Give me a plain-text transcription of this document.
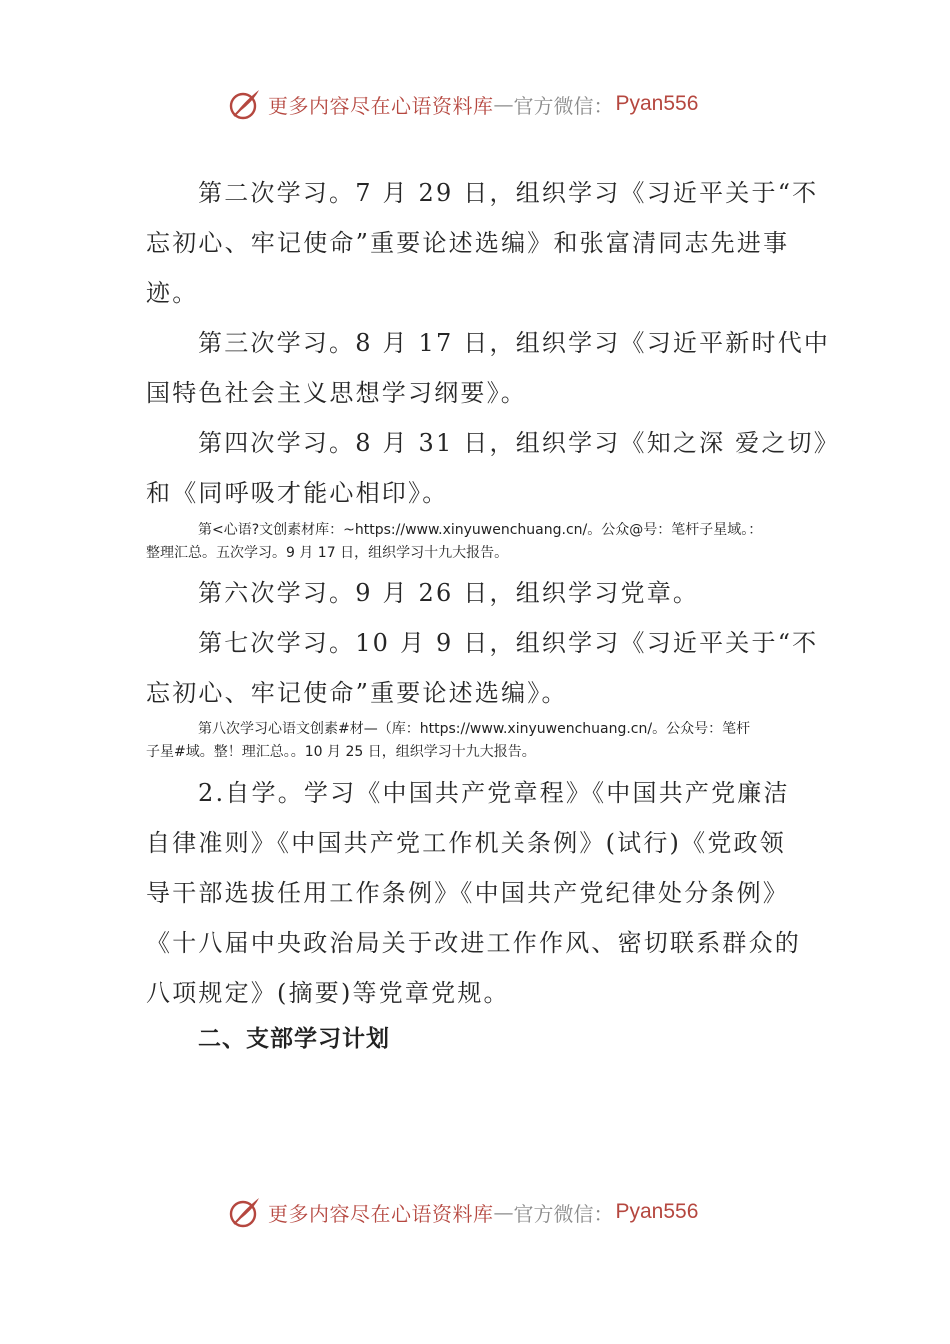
更多内容尽在心语资料库 — 官方微信： Pyan556
第二次学习。7 月 29 日，组织学习《习近平关于“不
忘初心、牢记使命”重要论述选编》和张富清同志先进事
迹。
第三次学习。8 月 17 日，组织学习《习近平新时代中
国特色社会主义思想学习纲要》。
第四次学习。8 月 31 日，组织学习《知之深 爱之切》
和《同呼吸才能心相印》。
第<心语?文创素材库：~https://www.xinyuwenchuang.cn/。公众@号：笔杆子星域。：
整理汇总。五次学习。9 月 17 日，组织学习十九大报告。
第六次学习。9 月 26 日，组织学习党章。
第七次学习。10 月 9 日，组织学习《习近平关于“不
忘初心、牢记使命”重要论述选编》。
第八次学习心语文创素#材—（库：https://www.xinyuwenchuang.cn/。公众号：笔杆
子星#域。整！理汇总。。10 月 25 日，组织学习十九大报告。
2.自学。学习《中国共产党章程》《中国共产党廉洁
自律准则》《中国共产党工作机关条例》(试行)《党政领
导干部选拔任用工作条例》《中国共产党纪律处分条例》
《十八届中央政治局关于改进工作作风、密切联系群众的
八项规定》(摘要)等党章党规。
二、支部学习计划
更多内容尽在心语资料库 — 官方微信： Pyan556
